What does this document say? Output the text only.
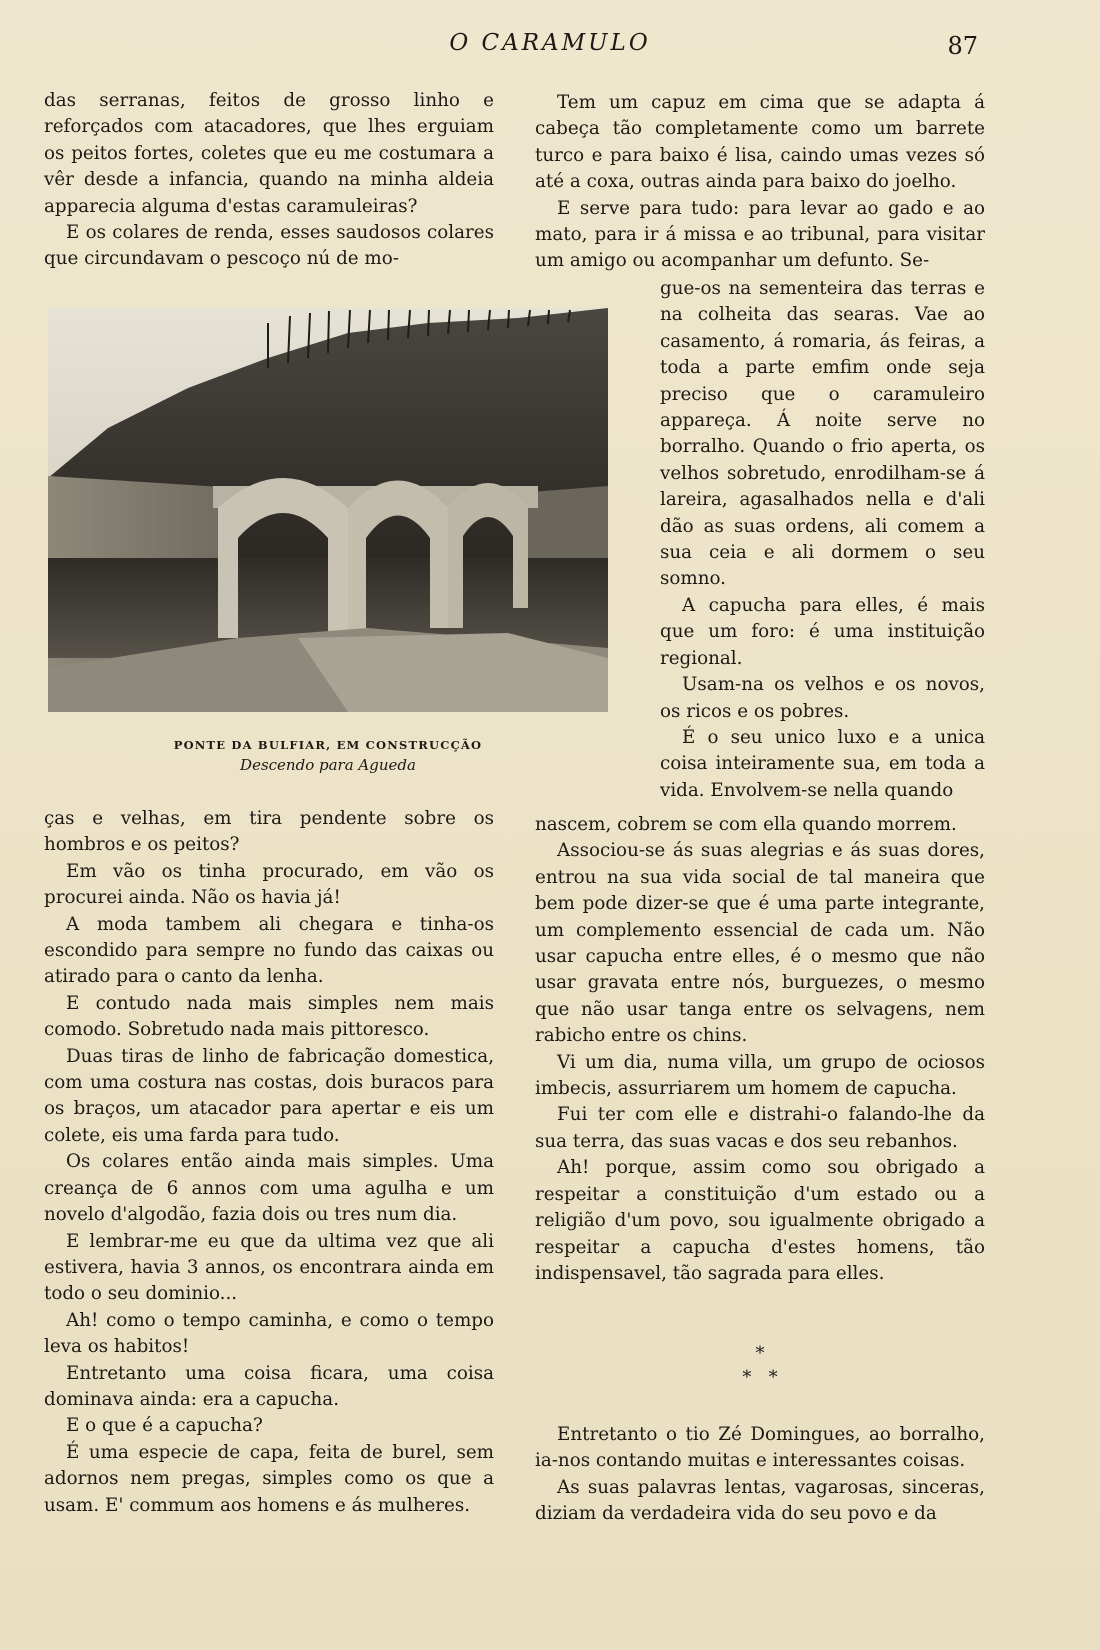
O CARAMULO	87

das serranas, feitos de grosso linho e reforçados com atacadores, que lhes erguiam os peitos fortes, coletes que eu me costumara a vêr desde a infancia, quando na minha aldeia apparecia alguma d'estas caramuleiras?

E os colares de renda, esses saudosos colares que circundavam o pescoço nú de mo-

PONTE DA BULFIAR, EM CONSTRUCÇÃO
Descendo para Agueda

ças e velhas, em tira pendente sobre os hombros e os peitos?

Em vão os tinha procurado, em vão os procurei ainda. Não os havia já!

A moda tambem ali chegara e tinha-os escondido para sempre no fundo das caixas ou atirado para o canto da lenha.

E contudo nada mais simples nem mais comodo. Sobretudo nada mais pittoresco.

Duas tiras de linho de fabricação domestica, com uma costura nas costas, dois buracos para os braços, um atacador para apertar e eis um colete, eis uma farda para tudo.

Os colares então ainda mais simples. Uma creança de 6 annos com uma agulha e um novelo d'algodão, fazia dois ou tres num dia.

E lembrar-me eu que da ultima vez que ali estivera, havia 3 annos, os encontrara ainda em todo o seu dominio...

Ah! como o tempo caminha, e como o tempo leva os habitos!

Entretanto uma coisa ficara, uma coisa dominava ainda: era a capucha.

E o que é a capucha?

É uma especie de capa, feita de burel, sem adornos nem pregas, simples como os que a usam. E' commum aos homens e ás mulheres.

Tem um capuz em cima que se adapta á cabeça tão completamente como um barrete turco e para baixo é lisa, caindo umas vezes só até a coxa, outras ainda para baixo do joelho.

E serve para tudo: para levar ao gado e ao mato, para ir á missa e ao tribunal, para visitar um amigo ou acompanhar um defunto. Se-

gue-os na sementeira das terras e na colheita das searas. Vae ao casamento, á romaria, ás feiras, a toda a parte emfim onde seja preciso que o caramuleiro appareça. Á noite serve no borralho. Quando o frio aperta, os velhos sobretudo, enrodilham-se á lareira, agasalhados nella e d'ali dão as suas ordens, ali comem a sua ceia e ali dormem o seu somno.

A capucha para elles, é mais que um foro: é uma instituição regional.

Usam-na os velhos e os novos, os ricos e os pobres.

É o seu unico luxo e a unica coisa inteiramente sua, em toda a vida. Envolvem-se nella quando

nascem, cobrem se com ella quando morrem.

Associou-se ás suas alegrias e ás suas dores, entrou na sua vida social de tal maneira que bem pode dizer-se que é uma parte integrante, um complemento essencial de cada um. Não usar capucha entre elles, é o mesmo que não usar gravata entre nós, burguezes, o mesmo que não usar tanga entre os selvagens, nem rabicho entre os chins.

Vi um dia, numa villa, um grupo de ociosos imbecis, assurriarem um homem de capucha.

Fui ter com elle e distrahi-o falando-lhe da sua terra, das suas vacas e dos seu rebanhos.

Ah! porque, assim como sou obrigado a respeitar a constituição d'um estado ou a religião d'um povo, sou igualmente obrigado a respeitar a capucha d'estes homens, tão indispensavel, tão sagrada para elles.

*
*   *

Entretanto o tio Zé Domingues, ao borralho, ia-nos contando muitas e interessantes coisas.

As suas palavras lentas, vagarosas, sinceras, diziam da verdadeira vida do seu povo e da
